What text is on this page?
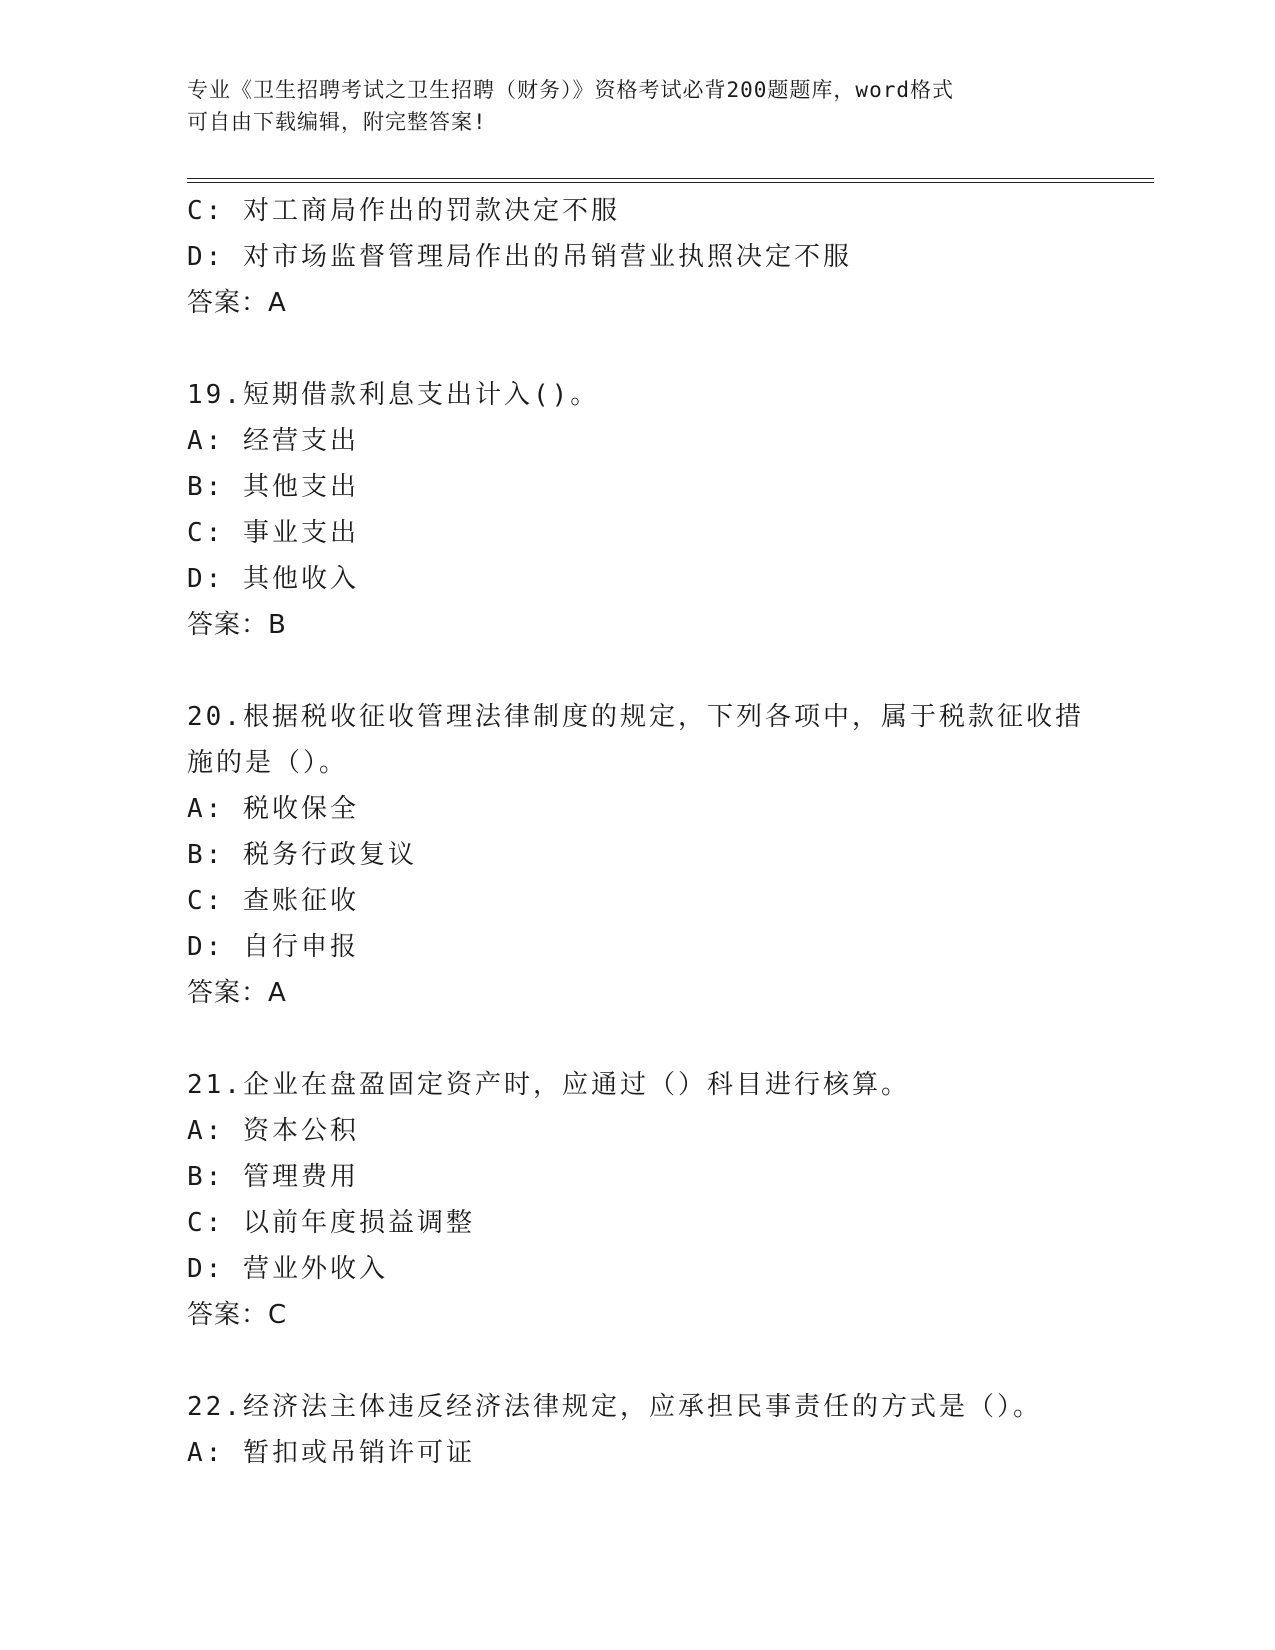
专业《卫生招聘考试之卫生招聘（财务）》资格考试必背200题题库，word格式
可自由下载编辑，附完整答案!
C: 对工商局作出的罚款决定不服
D: 对市场监督管理局作出的吊销营业执照决定不服
答案：A
19.短期借款利息支出计入()。
A: 经营支出
B: 其他支出
C: 事业支出
D: 其他收入
答案：B
20.根据税收征收管理法律制度的规定，下列各项中，属于税款征收措
施的是（）。
A: 税收保全
B: 税务行政复议
C: 查账征收
D: 自行申报
答案：A
21.企业在盘盈固定资产时，应通过（）科目进行核算。
A: 资本公积
B: 管理费用
C: 以前年度损益调整
D: 营业外收入
答案：C
22.经济法主体违反经济法律规定，应承担民事责任的方式是（）。
A: 暂扣或吊销许可证
